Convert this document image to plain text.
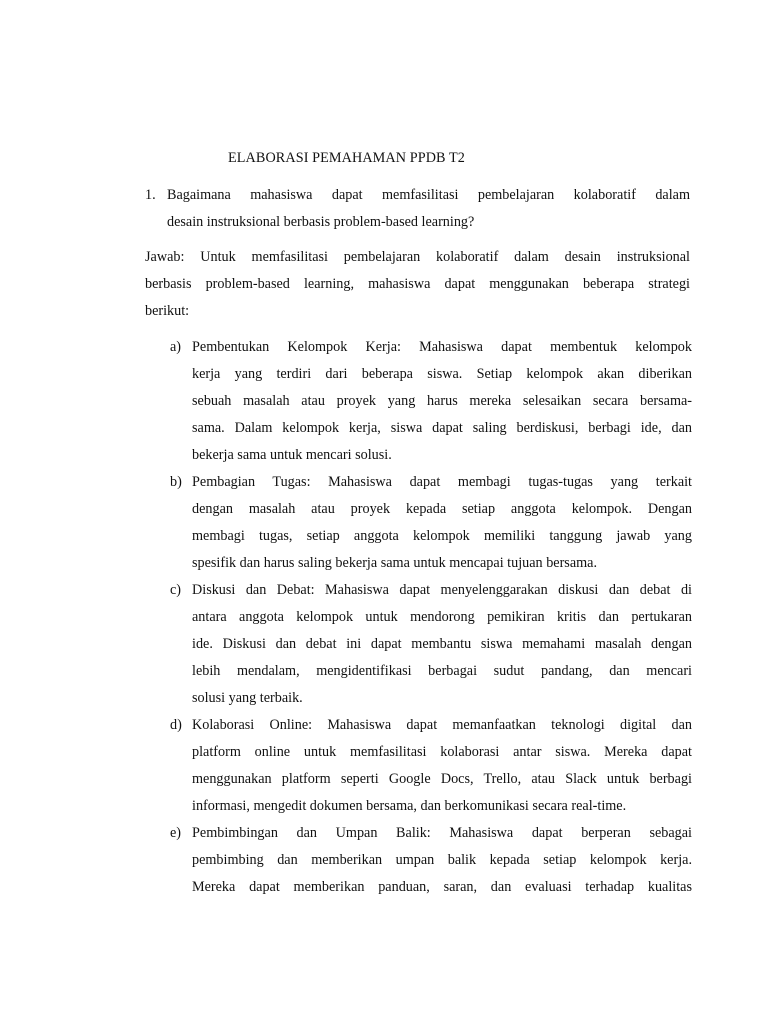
ELABORASI PEMAHAMAN PPDB T2
1. Bagaimana mahasiswa dapat memfasilitasi pembelajaran kolaboratif dalam
desain instruksional berbasis problem-based learning?
Jawab: Untuk memfasilitasi pembelajaran kolaboratif dalam desain instruksional
berbasis problem-based learning, mahasiswa dapat menggunakan beberapa strategi
berikut:
a) Pembentukan Kelompok Kerja: Mahasiswa dapat membentuk kelompok
kerja yang terdiri dari beberapa siswa. Setiap kelompok akan diberikan
sebuah masalah atau proyek yang harus mereka selesaikan secara bersama-
sama. Dalam kelompok kerja, siswa dapat saling berdiskusi, berbagi ide, dan
bekerja sama untuk mencari solusi.
b) Pembagian Tugas: Mahasiswa dapat membagi tugas-tugas yang terkait
dengan masalah atau proyek kepada setiap anggota kelompok. Dengan
membagi tugas, setiap anggota kelompok memiliki tanggung jawab yang
spesifik dan harus saling bekerja sama untuk mencapai tujuan bersama.
c) Diskusi dan Debat: Mahasiswa dapat menyelenggarakan diskusi dan debat di
antara anggota kelompok untuk mendorong pemikiran kritis dan pertukaran
ide. Diskusi dan debat ini dapat membantu siswa memahami masalah dengan
lebih mendalam, mengidentifikasi berbagai sudut pandang, dan mencari
solusi yang terbaik.
d) Kolaborasi Online: Mahasiswa dapat memanfaatkan teknologi digital dan
platform online untuk memfasilitasi kolaborasi antar siswa. Mereka dapat
menggunakan platform seperti Google Docs, Trello, atau Slack untuk berbagi
informasi, mengedit dokumen bersama, dan berkomunikasi secara real-time.
e) Pembimbingan dan Umpan Balik: Mahasiswa dapat berperan sebagai
pembimbing dan memberikan umpan balik kepada setiap kelompok kerja.
Mereka dapat memberikan panduan, saran, dan evaluasi terhadap kualitas
